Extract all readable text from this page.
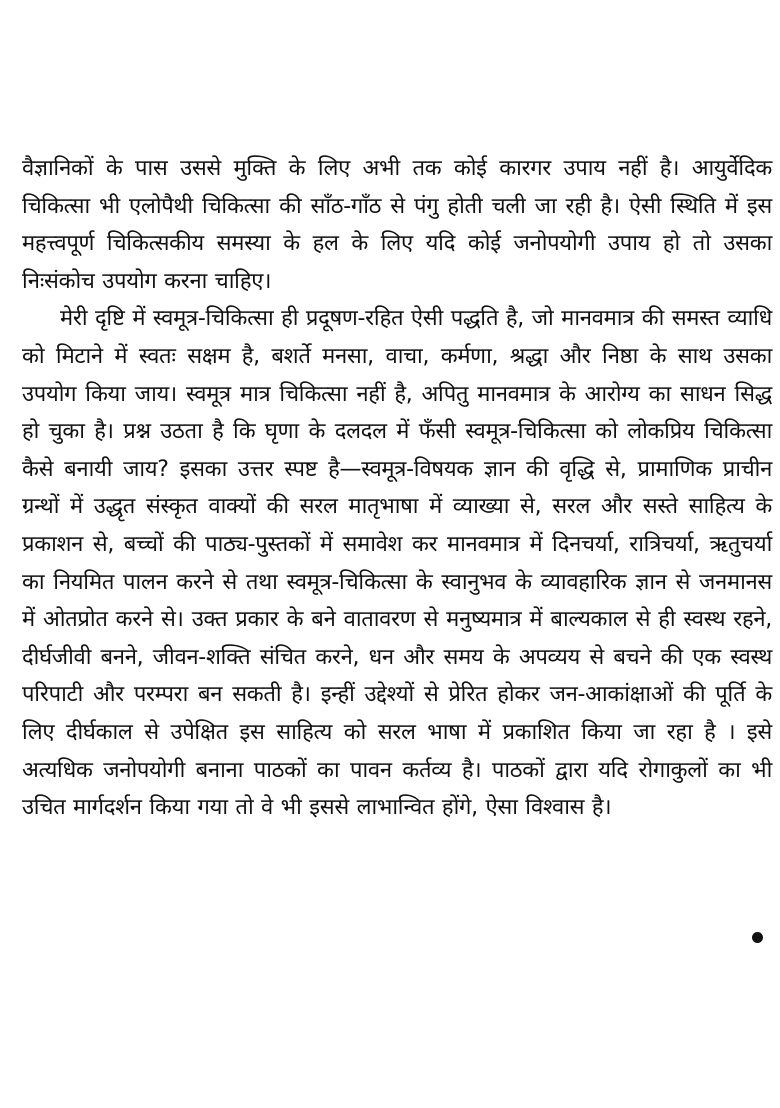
वैज्ञानिकों के पास उससे मुक्ति के लिए अभी तक कोई कारगर उपाय नहीं है। आयुर्वेदिक चिकित्सा भी एलोपैथी चिकित्सा की साँठ-गाँठ से पंगु होती चली जा रही है। ऐसी स्थिति में इस महत्त्वपूर्ण चिकित्सकीय समस्या के हल के लिए यदि कोई जनोपयोगी उपाय हो तो उसका निःसंकोच उपयोग करना चाहिए।

मेरी दृष्टि में स्वमूत्र-चिकित्सा ही प्रदूषण-रहित ऐसी पद्धति है, जो मानवमात्र की समस्त व्याधि को मिटाने में स्वतः सक्षम है, बशर्ते मनसा, वाचा, कर्मणा, श्रद्धा और निष्ठा के साथ उसका उपयोग किया जाय। स्वमूत्र मात्र चिकित्सा नहीं है, अपितु मानवमात्र के आरोग्य का साधन सिद्ध हो चुका है। प्रश्न उठता है कि घृणा के दलदल में फँसी स्वमूत्र-चिकित्सा को लोकप्रिय चिकित्सा कैसे बनायी जाय? इसका उत्तर स्पष्ट है—स्वमूत्र-विषयक ज्ञान की वृद्धि से, प्रामाणिक प्राचीन ग्रन्थों में उद्धृत संस्कृत वाक्यों की सरल मातृभाषा में व्याख्या से, सरल और सस्ते साहित्य के प्रकाशन से, बच्चों की पाठ्य-पुस्तकों में समावेश कर मानवमात्र में दिनचर्या, रात्रिचर्या, ऋतुचर्या का नियमित पालन करने से तथा स्वमूत्र-चिकित्सा के स्वानुभव के व्यावहारिक ज्ञान से जनमानस में ओतप्रोत करने से। उक्त प्रकार के बने वातावरण से मनुष्यमात्र में बाल्यकाल से ही स्वस्थ रहने, दीर्घजीवी बनने, जीवन-शक्ति संचित करने, धन और समय के अपव्यय से बचने की एक स्वस्थ परिपाटी और परम्परा बन सकती है। इन्हीं उद्देश्यों से प्रेरित होकर जन-आकांक्षाओं की पूर्ति के लिए दीर्घकाल से उपेक्षित इस साहित्य को सरल भाषा में प्रकाशित किया जा रहा है । इसे अत्यधिक जनोपयोगी बनाना पाठकों का पावन कर्तव्य है। पाठकों द्वारा यदि रोगाकुलों का भी उचित मार्गदर्शन किया गया तो वे भी इससे लाभान्वित होंगे, ऐसा विश्वास है।
